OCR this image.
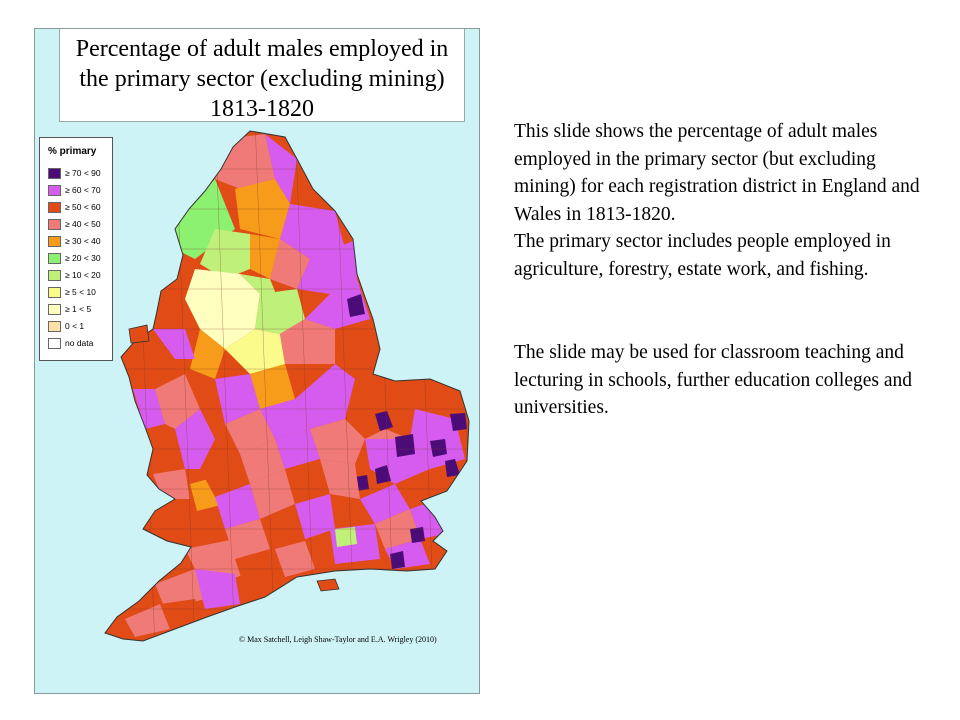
Percentage of adult males employed in
the primary sector (excluding mining)
1813-1820
% primary
≥ 70 < 90
≥ 60 < 70
≥ 50 < 60
≥ 40 < 50
≥ 30 < 40
≥ 20 < 30
≥ 10 < 20
≥ 5 < 10
≥ 1 < 5
0 < 1
no data
© Max Satchell, Leigh Shaw-Taylor and E.A. Wrigley (2010)

This slide shows the percentage of adult males employed in the primary sector (but excluding mining) for each registration district in England and Wales in 1813-1820.

The primary sector includes people employed in agriculture, forestry, estate work, and fishing.

The slide may be used for classroom teaching and lecturing in schools, further education colleges and universities.
